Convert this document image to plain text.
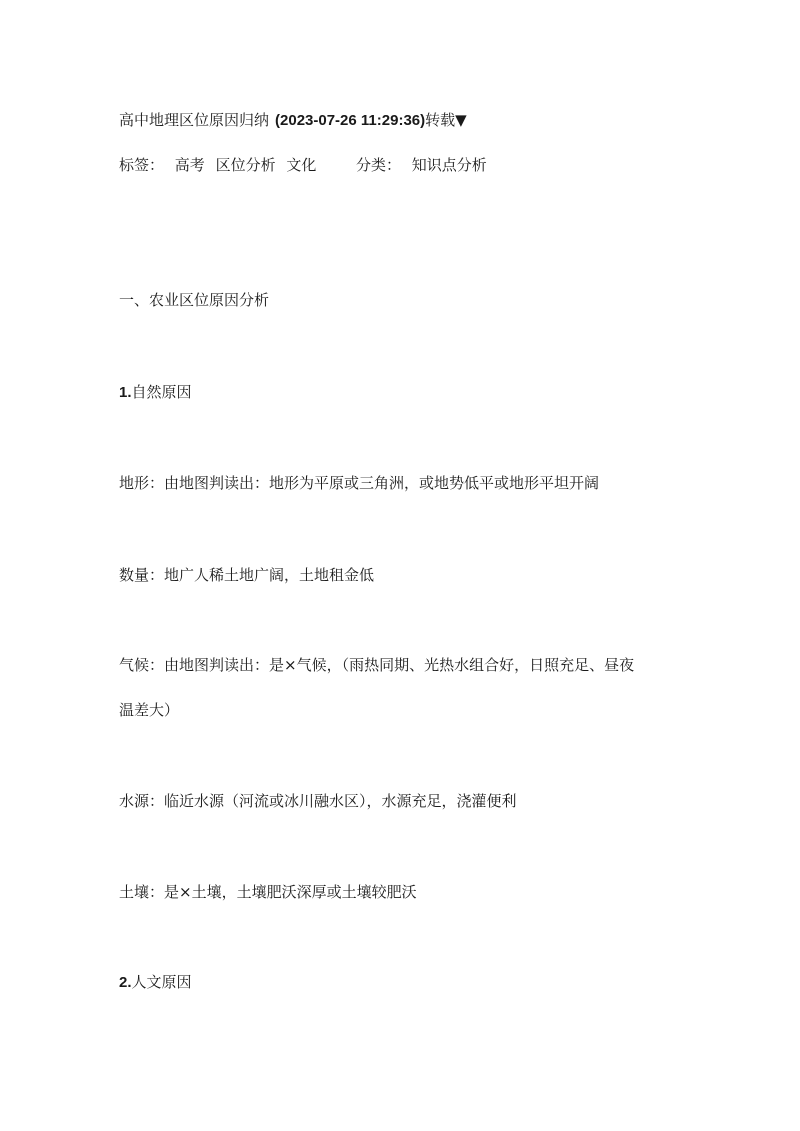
高中地理区位原因归纳 (2023-07-26 11:29:36)转载▼
标签： 高考 区位分析 文化	分类： 知识点分析
一、农业区位原因分析
1.自然原因
地形：由地图判读出：地形为平原或三角洲，或地势低平或地形平坦开阔
数量：地广人稀土地广阔，土地租金低
气候：由地图判读出：是×气候，（雨热同期、光热水组合好，日照充足、昼夜
温差大）
水源：临近水源（河流或冰川融水区），水源充足，浇灌便利
土壤：是×土壤，土壤肥沃深厚或土壤较肥沃
2.人文原因
